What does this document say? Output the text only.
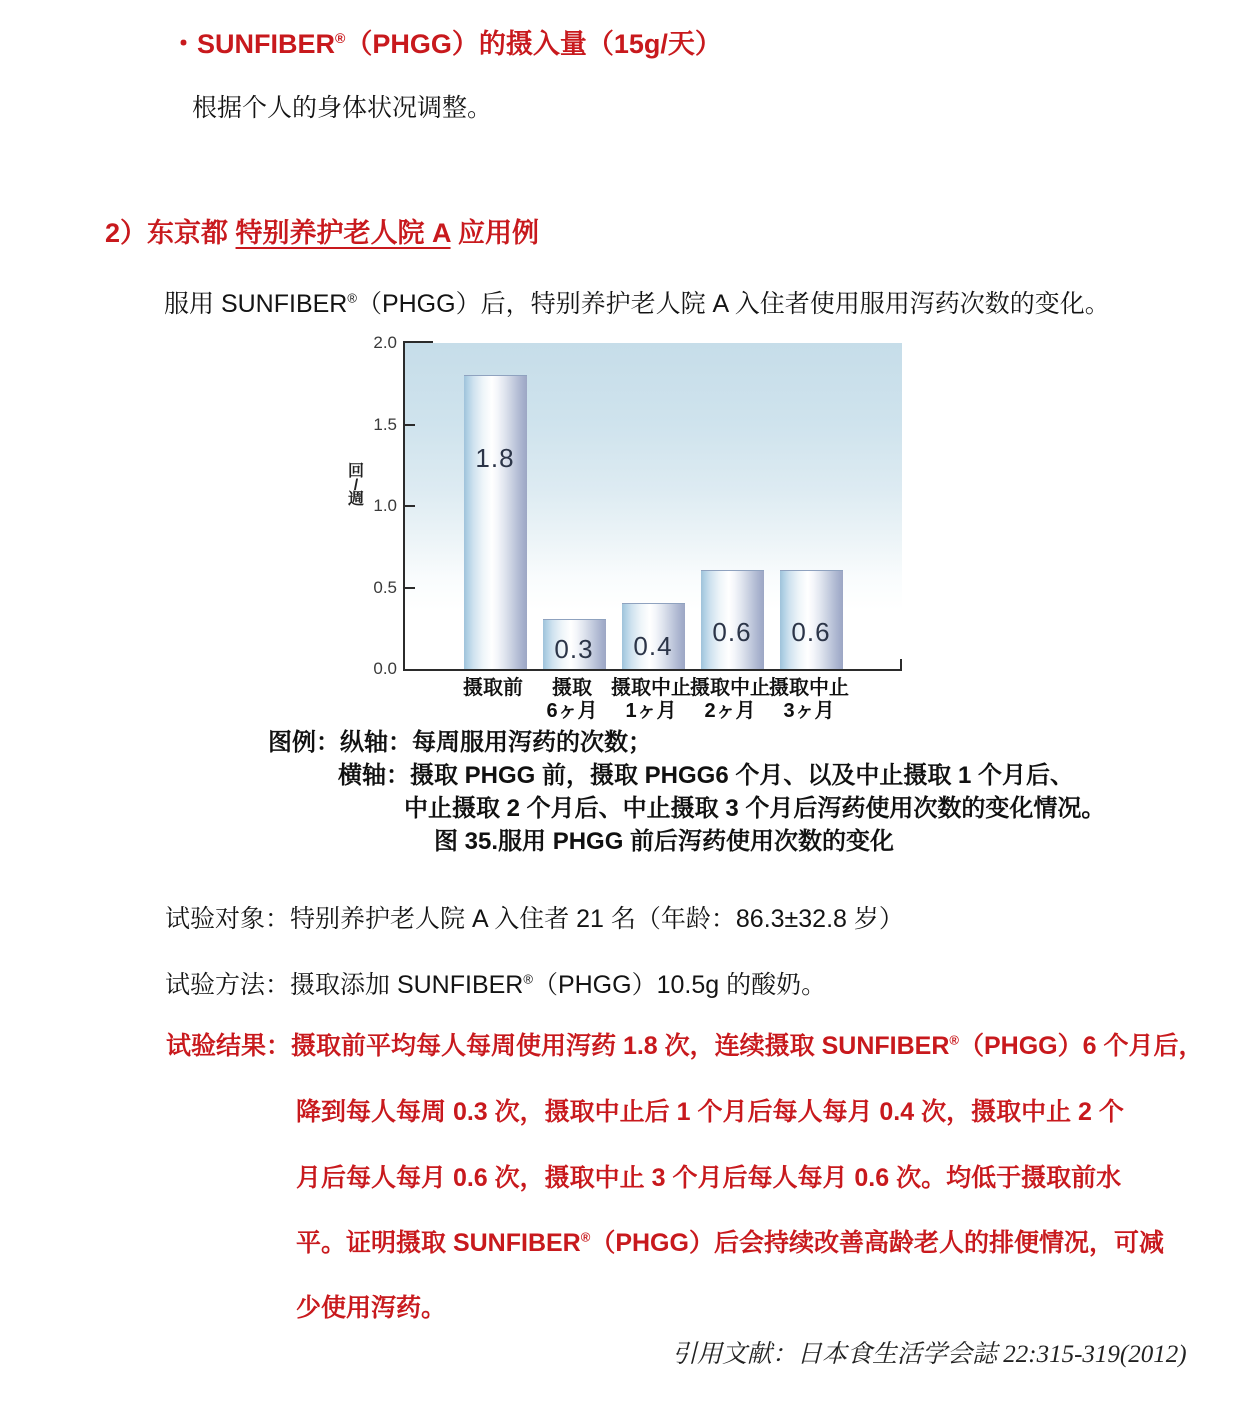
・SUNFIBER®（PHGG）的摄入量（15g/天）
根据个人的身体状况调整。
2）东京都 特别养护老人院 A 应用例
服用 SUNFIBER®（PHGG）后，特别养护老人院 A 入住者使用服用泻药次数的变化。
回
/
週
2.0
1.5
1.0
0.5
0.0
1.8
0.3	0.4	0.6	0.6
摄取前	摄取
6ヶ月
摄取中止
1ヶ月
摄取中止
2ヶ月
摄取中止
3ヶ月
图例：纵轴：每周服用泻药的次数；
横轴：摄取 PHGG 前，摄取 PHGG6 个月、以及中止摄取 1 个月后、
中止摄取 2 个月后、中止摄取 3 个月后泻药使用次数的变化情况。
图 35.服用 PHGG 前后泻药使用次数的变化
试验对象：特别养护老人院 A 入住者 21 名（年龄：86.3±32.8 岁）
试验方法：摄取添加 SUNFIBER®（PHGG）10.5g 的酸奶。
试验结果：摄取前平均每人每周使用泻药 1.8 次，连续摄取 SUNFIBER®（PHGG）6 个月后，
降到每人每周 0.3 次，摄取中止后 1 个月后每人每月 0.4 次，摄取中止 2 个
月后每人每月 0.6 次，摄取中止 3 个月后每人每月 0.6 次。均低于摄取前水
平。证明摄取 SUNFIBER®（PHGG）后会持续改善高龄老人的排便情况，可减
少使用泻药。
引用文献：日本食生活学会誌 22:315-319(2012)
